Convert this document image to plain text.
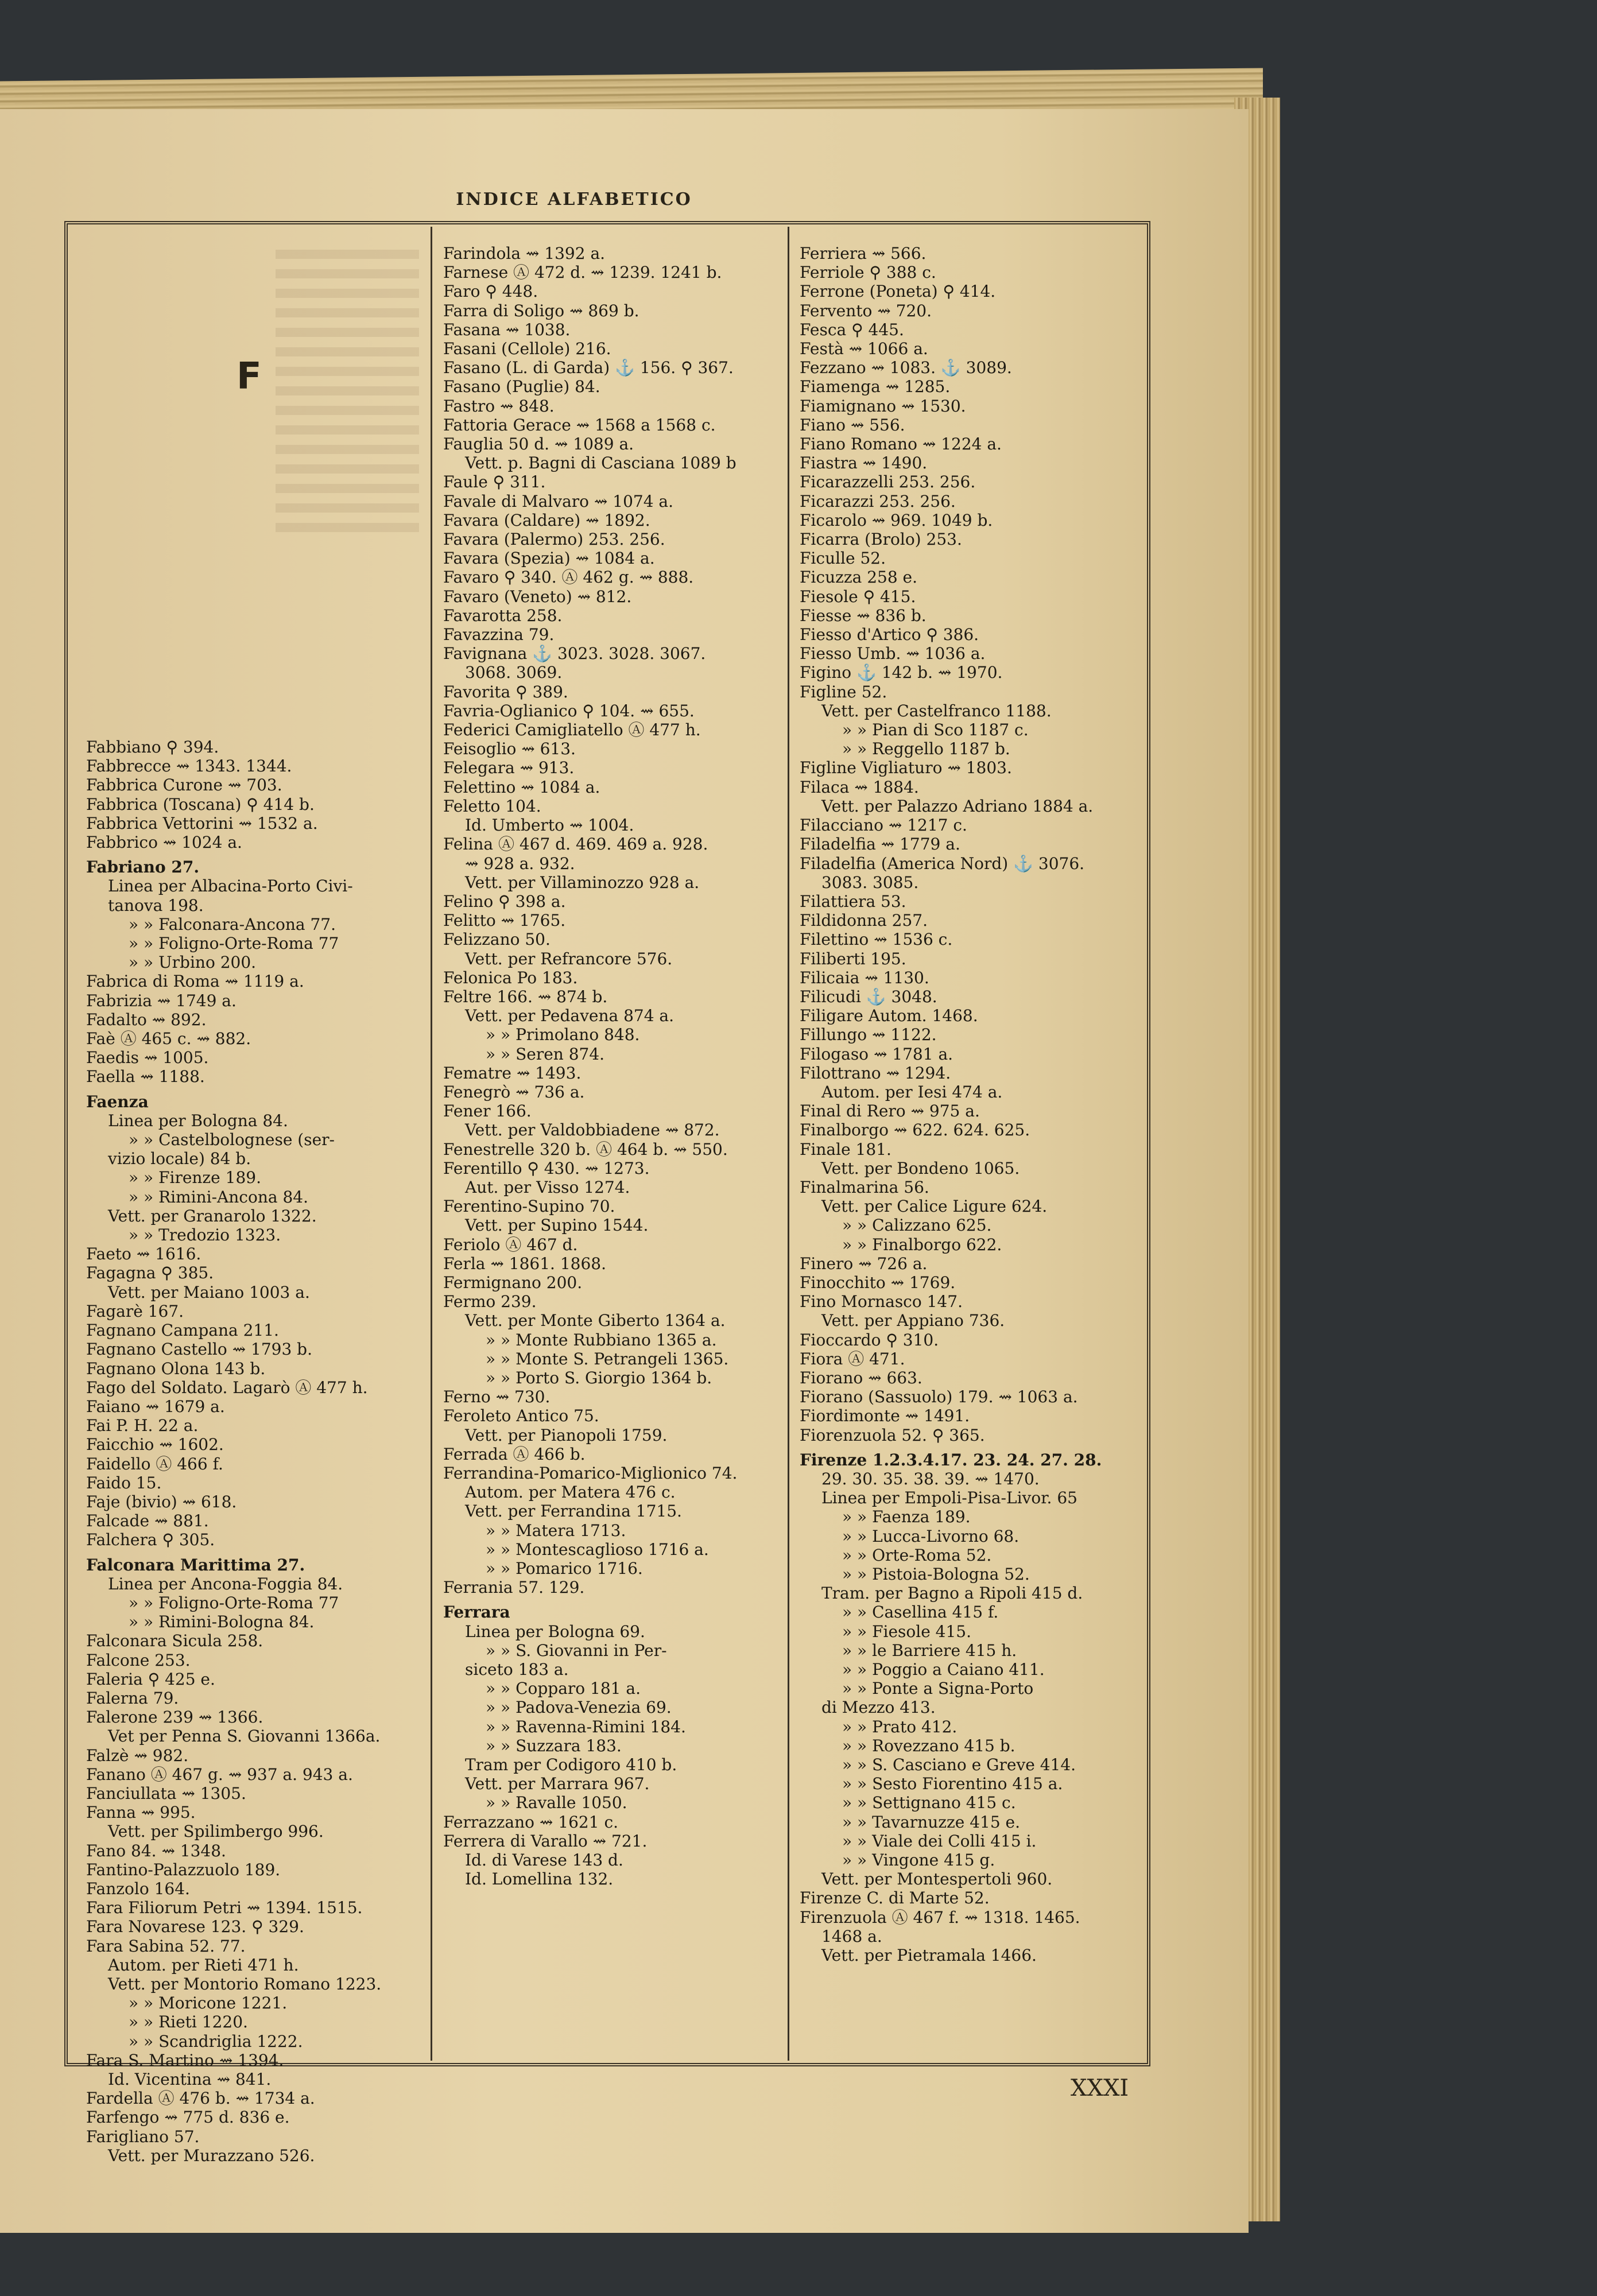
INDICE ALFABETICO
F
Fabbiano ⚲ 394.
Fabbrecce ⇝ 1343. 1344.
Fabbrica Curone ⇝ 703.
Fabbrica (Toscana) ⚲ 414 b.
Fabbrica Vettorini ⇝ 1532 a.
Fabbrico ⇝ 1024 a.
Fabriano 27.
Linea per Albacina-Porto Civi-
tanova 198.
» » Falconara-Ancona 77.
» » Foligno-Orte-Roma 77
» » Urbino 200.
Fabrica di Roma ⇝ 1119 a.
Fabrizia ⇝ 1749 a.
Fadalto ⇝ 892.
Faè Ⓐ 465 c. ⇝ 882.
Faedis ⇝ 1005.
Faella ⇝ 1188.
Faenza
Linea per Bologna 84.
» » Castelbolognese (ser-
vizio locale) 84 b.
» » Firenze 189.
» » Rimini-Ancona 84.
Vett. per Granarolo 1322.
» » Tredozio 1323.
Faeto ⇝ 1616.
Fagagna ⚲ 385.
Vett. per Maiano 1003 a.
Fagarè 167.
Fagnano Campana 211.
Fagnano Castello ⇝ 1793 b.
Fagnano Olona 143 b.
Fago del Soldato. Lagarò Ⓐ 477 h.
Faiano ⇝ 1679 a.
Fai P. H. 22 a.
Faicchio ⇝ 1602.
Faidello Ⓐ 466 f.
Faido 15.
Faje (bivio) ⇝ 618.
Falcade ⇝ 881.
Falchera ⚲ 305.
Falconara Marittima 27.
Linea per Ancona-Foggia 84.
» » Foligno-Orte-Roma 77
» » Rimini-Bologna 84.
Falconara Sicula 258.
Falcone 253.
Faleria ⚲ 425 e.
Falerna 79.
Falerone 239 ⇝ 1366.
Vet per Penna S. Giovanni 1366a.
Falzè ⇝ 982.
Fanano Ⓐ 467 g. ⇝ 937 a. 943 a.
Fanciullata ⇝ 1305.
Fanna ⇝ 995.
Vett. per Spilimbergo 996.
Fano 84. ⇝ 1348.
Fantino-Palazzuolo 189.
Fanzolo 164.
Fara Filiorum Petri ⇝ 1394. 1515.
Fara Novarese 123. ⚲ 329.
Fara Sabina 52. 77.
Autom. per Rieti 471 h.
Vett. per Montorio Romano 1223.
» » Moricone 1221.
» » Rieti 1220.
» » Scandriglia 1222.
Fara S. Martino ⇝ 1394.
Id. Vicentina ⇝ 841.
Fardella Ⓐ 476 b. ⇝ 1734 a.
Farfengo ⇝ 775 d. 836 e.
Farigliano 57.
Vett. per Murazzano 526.
Farindola ⇝ 1392 a.
Farnese Ⓐ 472 d. ⇝ 1239. 1241 b.
Faro ⚲ 448.
Farra di Soligo ⇝ 869 b.
Fasana ⇝ 1038.
Fasani (Cellole) 216.
Fasano (L. di Garda) ⚓ 156. ⚲ 367.
Fasano (Puglie) 84.
Fastro ⇝ 848.
Fattoria Gerace ⇝ 1568 a 1568 c.
Fauglia 50 d. ⇝ 1089 a.
Vett. p. Bagni di Casciana 1089 b
Faule ⚲ 311.
Favale di Malvaro ⇝ 1074 a.
Favara (Caldare) ⇝ 1892.
Favara (Palermo) 253. 256.
Favara (Spezia) ⇝ 1084 a.
Favaro ⚲ 340. Ⓐ 462 g. ⇝ 888.
Favaro (Veneto) ⇝ 812.
Favarotta 258.
Favazzina 79.
Favignana ⚓ 3023. 3028. 3067.
3068. 3069.
Favorita ⚲ 389.
Favria-Oglianico ⚲ 104. ⇝ 655.
Federici Camigliatello Ⓐ 477 h.
Feisoglio ⇝ 613.
Felegara ⇝ 913.
Felettino ⇝ 1084 a.
Feletto 104.
Id. Umberto ⇝ 1004.
Felina Ⓐ 467 d. 469. 469 a. 928.
⇝ 928 a. 932.
Vett. per Villaminozzo 928 a.
Felino ⚲ 398 a.
Felitto ⇝ 1765.
Felizzano 50.
Vett. per Refrancore 576.
Felonica Po 183.
Feltre 166. ⇝ 874 b.
Vett. per Pedavena 874 a.
» » Primolano 848.
» » Seren 874.
Fematre ⇝ 1493.
Fenegrò ⇝ 736 a.
Fener 166.
Vett. per Valdobbiadene ⇝ 872.
Fenestrelle 320 b. Ⓐ 464 b. ⇝ 550.
Ferentillo ⚲ 430. ⇝ 1273.
Aut. per Visso 1274.
Ferentino-Supino 70.
Vett. per Supino 1544.
Feriolo Ⓐ 467 d.
Ferla ⇝ 1861. 1868.
Fermignano 200.
Fermo 239.
Vett. per Monte Giberto 1364 a.
» » Monte Rubbiano 1365 a.
» » Monte S. Petrangeli 1365.
» » Porto S. Giorgio 1364 b.
Ferno ⇝ 730.
Feroleto Antico 75.
Vett. per Pianopoli 1759.
Ferrada Ⓐ 466 b.
Ferrandina-Pomarico-Miglionico 74.
Autom. per Matera 476 c.
Vett. per Ferrandina 1715.
» » Matera 1713.
» » Montescaglioso 1716 a.
» » Pomarico 1716.
Ferrania 57. 129.
Ferrara
Linea per Bologna 69.
» » S. Giovanni in Per-
siceto 183 a.
» » Copparo 181 a.
» » Padova-Venezia 69.
» » Ravenna-Rimini 184.
» » Suzzara 183.
Tram per Codigoro 410 b.
Vett. per Marrara 967.
» » Ravalle 1050.
Ferrazzano ⇝ 1621 c.
Ferrera di Varallo ⇝ 721.
Id. di Varese 143 d.
Id. Lomellina 132.
Ferriera ⇝ 566.
Ferriole ⚲ 388 c.
Ferrone (Poneta) ⚲ 414.
Fervento ⇝ 720.
Fesca ⚲ 445.
Festà ⇝ 1066 a.
Fezzano ⇝ 1083. ⚓ 3089.
Fiamenga ⇝ 1285.
Fiamignano ⇝ 1530.
Fiano ⇝ 556.
Fiano Romano ⇝ 1224 a.
Fiastra ⇝ 1490.
Ficarazzelli 253. 256.
Ficarazzi 253. 256.
Ficarolo ⇝ 969. 1049 b.
Ficarra (Brolo) 253.
Ficulle 52.
Ficuzza 258 e.
Fiesole ⚲ 415.
Fiesse ⇝ 836 b.
Fiesso d'Artico ⚲ 386.
Fiesso Umb. ⇝ 1036 a.
Figino ⚓ 142 b. ⇝ 1970.
Figline 52.
Vett. per Castelfranco 1188.
» » Pian di Sco 1187 c.
» » Reggello 1187 b.
Figline Vigliaturo ⇝ 1803.
Filaca ⇝ 1884.
Vett. per Palazzo Adriano 1884 a.
Filacciano ⇝ 1217 c.
Filadelfia ⇝ 1779 a.
Filadelfia (America Nord) ⚓ 3076.
3083. 3085.
Filattiera 53.
Fildidonna 257.
Filettino ⇝ 1536 c.
Filiberti 195.
Filicaia ⇝ 1130.
Filicudi ⚓ 3048.
Filigare Autom. 1468.
Fillungo ⇝ 1122.
Filogaso ⇝ 1781 a.
Filottrano ⇝ 1294.
Autom. per Iesi 474 a.
Final di Rero ⇝ 975 a.
Finalborgo ⇝ 622. 624. 625.
Finale 181.
Vett. per Bondeno 1065.
Finalmarina 56.
Vett. per Calice Ligure 624.
» » Calizzano 625.
» » Finalborgo 622.
Finero ⇝ 726 a.
Finocchito ⇝ 1769.
Fino Mornasco 147.
Vett. per Appiano 736.
Fioccardo ⚲ 310.
Fiora Ⓐ 471.
Fiorano ⇝ 663.
Fiorano (Sassuolo) 179. ⇝ 1063 a.
Fiordimonte ⇝ 1491.
Fiorenzuola 52. ⚲ 365.
Firenze 1.2.3.4.17. 23. 24. 27. 28.
29. 30. 35. 38. 39. ⇝ 1470.
Linea per Empoli-Pisa-Livor. 65
» » Faenza 189.
» » Lucca-Livorno 68.
» » Orte-Roma 52.
» » Pistoia-Bologna 52.
Tram. per Bagno a Ripoli 415 d.
» » Casellina 415 f.
» » Fiesole 415.
» » le Barriere 415 h.
» » Poggio a Caiano 411.
» » Ponte a Signa-Porto
di Mezzo 413.
» » Prato 412.
» » Rovezzano 415 b.
» » S. Casciano e Greve 414.
» » Sesto Fiorentino 415 a.
» » Settignano 415 c.
» » Tavarnuzze 415 e.
» » Viale dei Colli 415 i.
» » Vingone 415 g.
Vett. per Montespertoli 960.
Firenze C. di Marte 52.
Firenzuola Ⓐ 467 f. ⇝ 1318. 1465.
1468 a.
Vett. per Pietramala 1466.
XXXI
